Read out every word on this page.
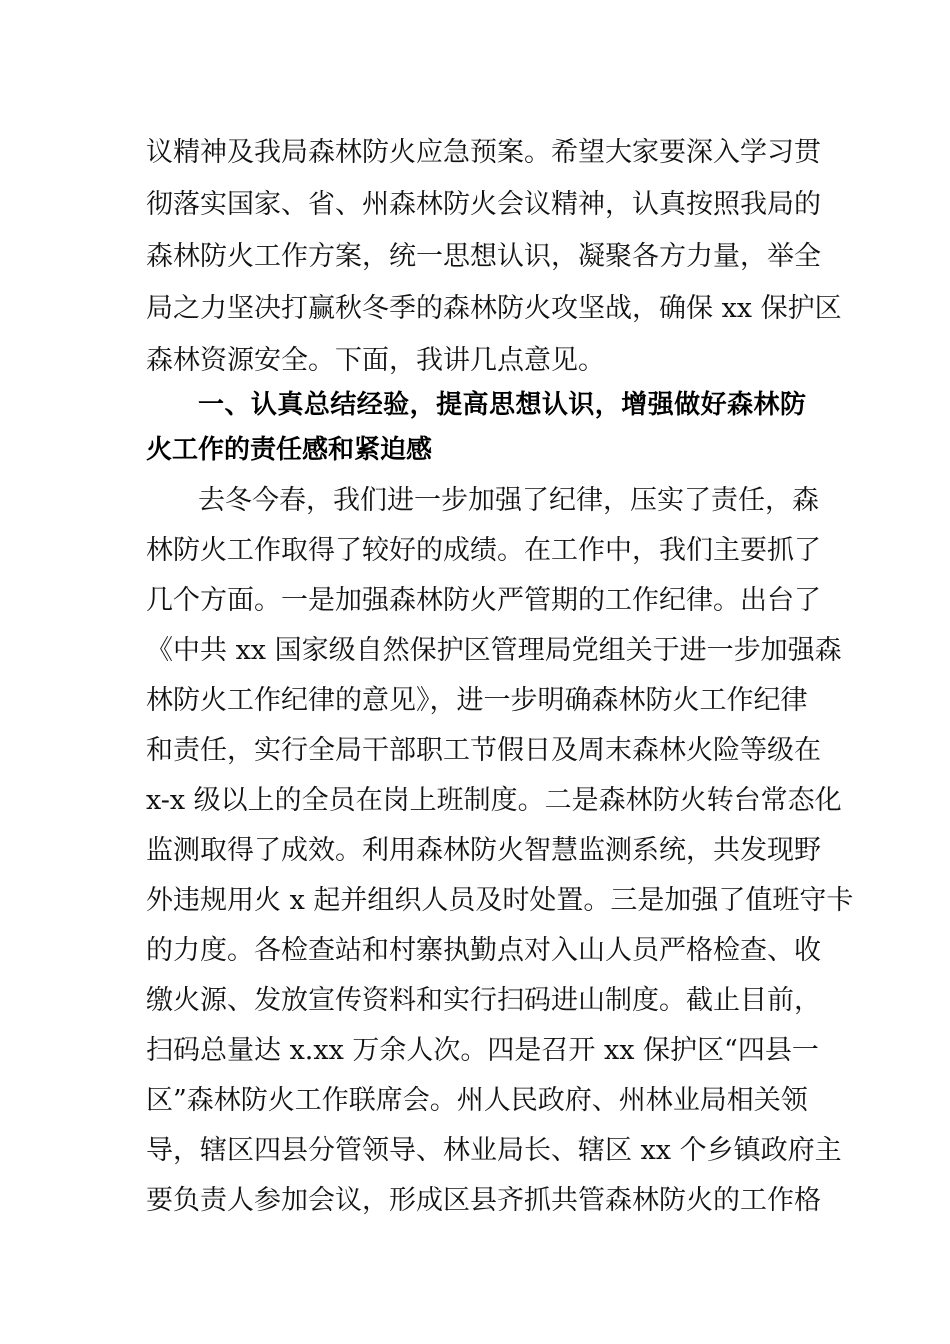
议精神及我局森林防火应急预案。希望大家要深入学习贯
彻落实国家、省、州森林防火会议精神，认真按照我局的
森林防火工作方案，统一思想认识，凝聚各方力量，举全
局之力坚决打赢秋冬季的森林防火攻坚战，确保 xx 保护区
森林资源安全。下面，我讲几点意见。
一、认真总结经验，提高思想认识，增强做好森林防
火工作的责任感和紧迫感
去冬今春，我们进一步加强了纪律，压实了责任，森
林防火工作取得了较好的成绩。在工作中，我们主要抓了
几个方面。一是加强森林防火严管期的工作纪律。出台了
《中共 xx 国家级自然保护区管理局党组关于进一步加强森
林防火工作纪律的意见》，进一步明确森林防火工作纪律
和责任，实行全局干部职工节假日及周末森林火险等级在
x-x 级以上的全员在岗上班制度。二是森林防火转台常态化
监测取得了成效。利用森林防火智慧监测系统，共发现野
外违规用火 x 起并组织人员及时处置。三是加强了值班守卡
的力度。各检查站和村寨执勤点对入山人员严格检查、收
缴火源、发放宣传资料和实行扫码进山制度。截止目前，
扫码总量达 x.xx 万余人次。四是召开 xx 保护区“四县一
区”森林防火工作联席会。州人民政府、州林业局相关领
导，辖区四县分管领导、林业局长、辖区 xx 个乡镇政府主
要负责人参加会议，形成区县齐抓共管森林防火的工作格
